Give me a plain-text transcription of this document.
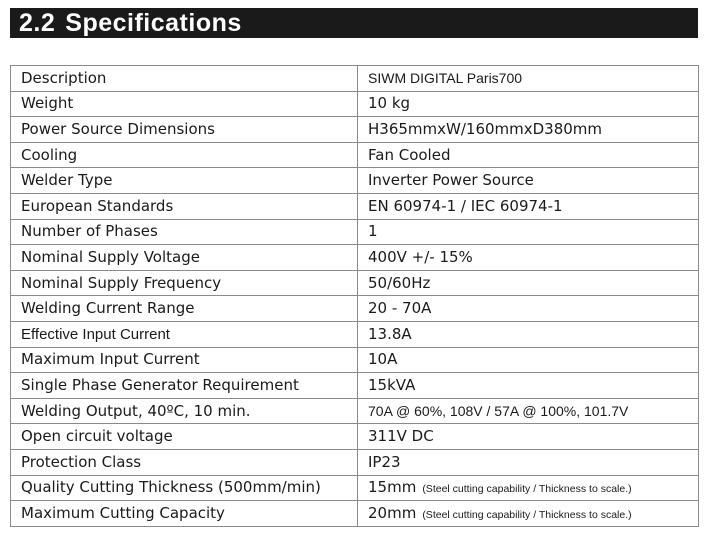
2.2 Specifications
Description	SIWM DIGITAL Paris700
Weight	10 kg
Power Source Dimensions	H365mmxW/160mmxD380mm
Cooling	Fan Cooled
Welder Type	Inverter Power Source
European Standards	EN 60974-1 / IEC 60974-1
Number of Phases	1
Nominal Supply Voltage	400V +/- 15%
Nominal Supply Frequency	50/60Hz
Welding Current Range	20 - 70A
Effective Input Current	13.8A
Maximum Input Current	10A
Single Phase Generator Requirement	15kVA
Welding Output, 40ºC, 10 min.	70A @ 60%, 108V / 57A @ 100%, 101.7V
Open circuit voltage	311V DC
Protection Class	IP23
Quality Cutting Thickness (500mm/min)	15mm (Steel cutting capability / Thickness to scale.)
Maximum Cutting Capacity	20mm (Steel cutting capability / Thickness to scale.)
